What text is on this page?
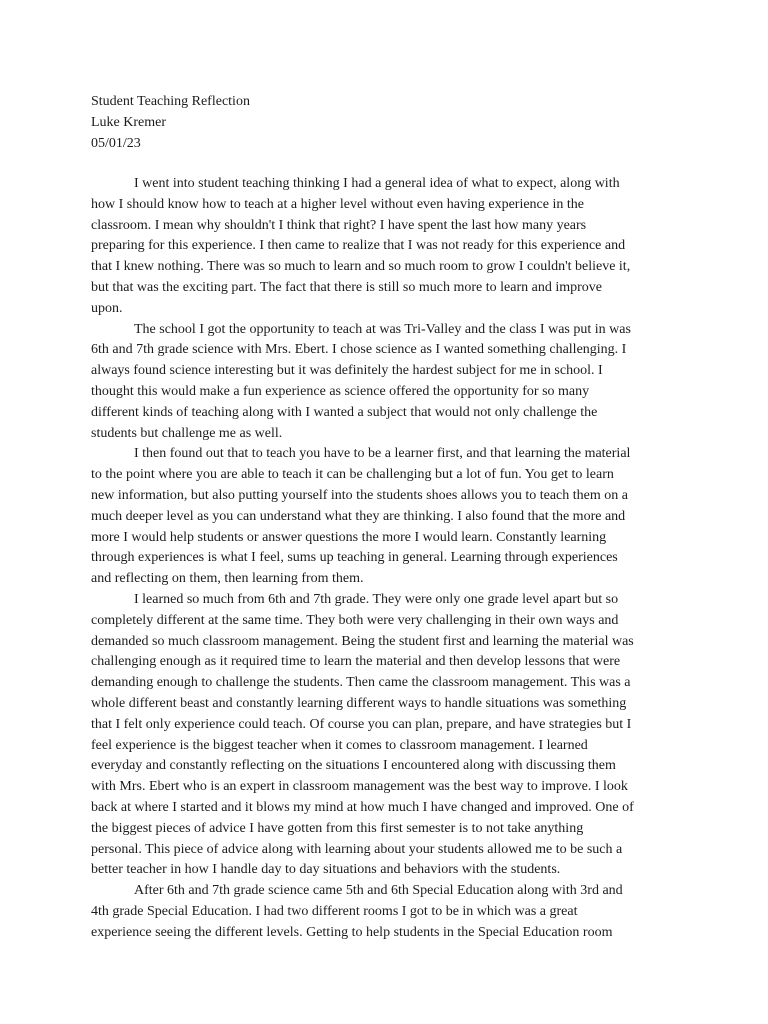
Student Teaching Reflection
Luke Kremer
05/01/23
I went into student teaching thinking I had a general idea of what to expect, along with
how I should know how to teach at a higher level without even having experience in the
classroom. I mean why shouldn't I think that right? I have spent the last how many years
preparing for this experience. I then came to realize that I was not ready for this experience and
that I knew nothing. There was so much to learn and so much room to grow I couldn't believe it,
but that was the exciting part. The fact that there is still so much more to learn and improve
upon.
The school I got the opportunity to teach at was Tri-Valley and the class I was put in was
6th and 7th grade science with Mrs. Ebert. I chose science as I wanted something challenging. I
always found science interesting but it was definitely the hardest subject for me in school. I
thought this would make a fun experience as science offered the opportunity for so many
different kinds of teaching along with I wanted a subject that would not only challenge the
students but challenge me as well.
I then found out that to teach you have to be a learner first, and that learning the material
to the point where you are able to teach it can be challenging but a lot of fun. You get to learn
new information, but also putting yourself into the students shoes allows you to teach them on a
much deeper level as you can understand what they are thinking. I also found that the more and
more I would help students or answer questions the more I would learn. Constantly learning
through experiences is what I feel, sums up teaching in general. Learning through experiences
and reflecting on them, then learning from them.
I learned so much from 6th and 7th grade. They were only one grade level apart but so
completely different at the same time. They both were very challenging in their own ways and
demanded so much classroom management. Being the student first and learning the material was
challenging enough as it required time to learn the material and then develop lessons that were
demanding enough to challenge the students. Then came the classroom management. This was a
whole different beast and constantly learning different ways to handle situations was something
that I felt only experience could teach. Of course you can plan, prepare, and have strategies but I
feel experience is the biggest teacher when it comes to classroom management. I learned
everyday and constantly reflecting on the situations I encountered along with discussing them
with Mrs. Ebert who is an expert in classroom management was the best way to improve. I look
back at where I started and it blows my mind at how much I have changed and improved. One of
the biggest pieces of advice I have gotten from this first semester is to not take anything
personal. This piece of advice along with learning about your students allowed me to be such a
better teacher in how I handle day to day situations and behaviors with the students.
After 6th and 7th grade science came 5th and 6th Special Education along with 3rd and
4th grade Special Education. I had two different rooms I got to be in which was a great
experience seeing the different levels. Getting to help students in the Special Education room
